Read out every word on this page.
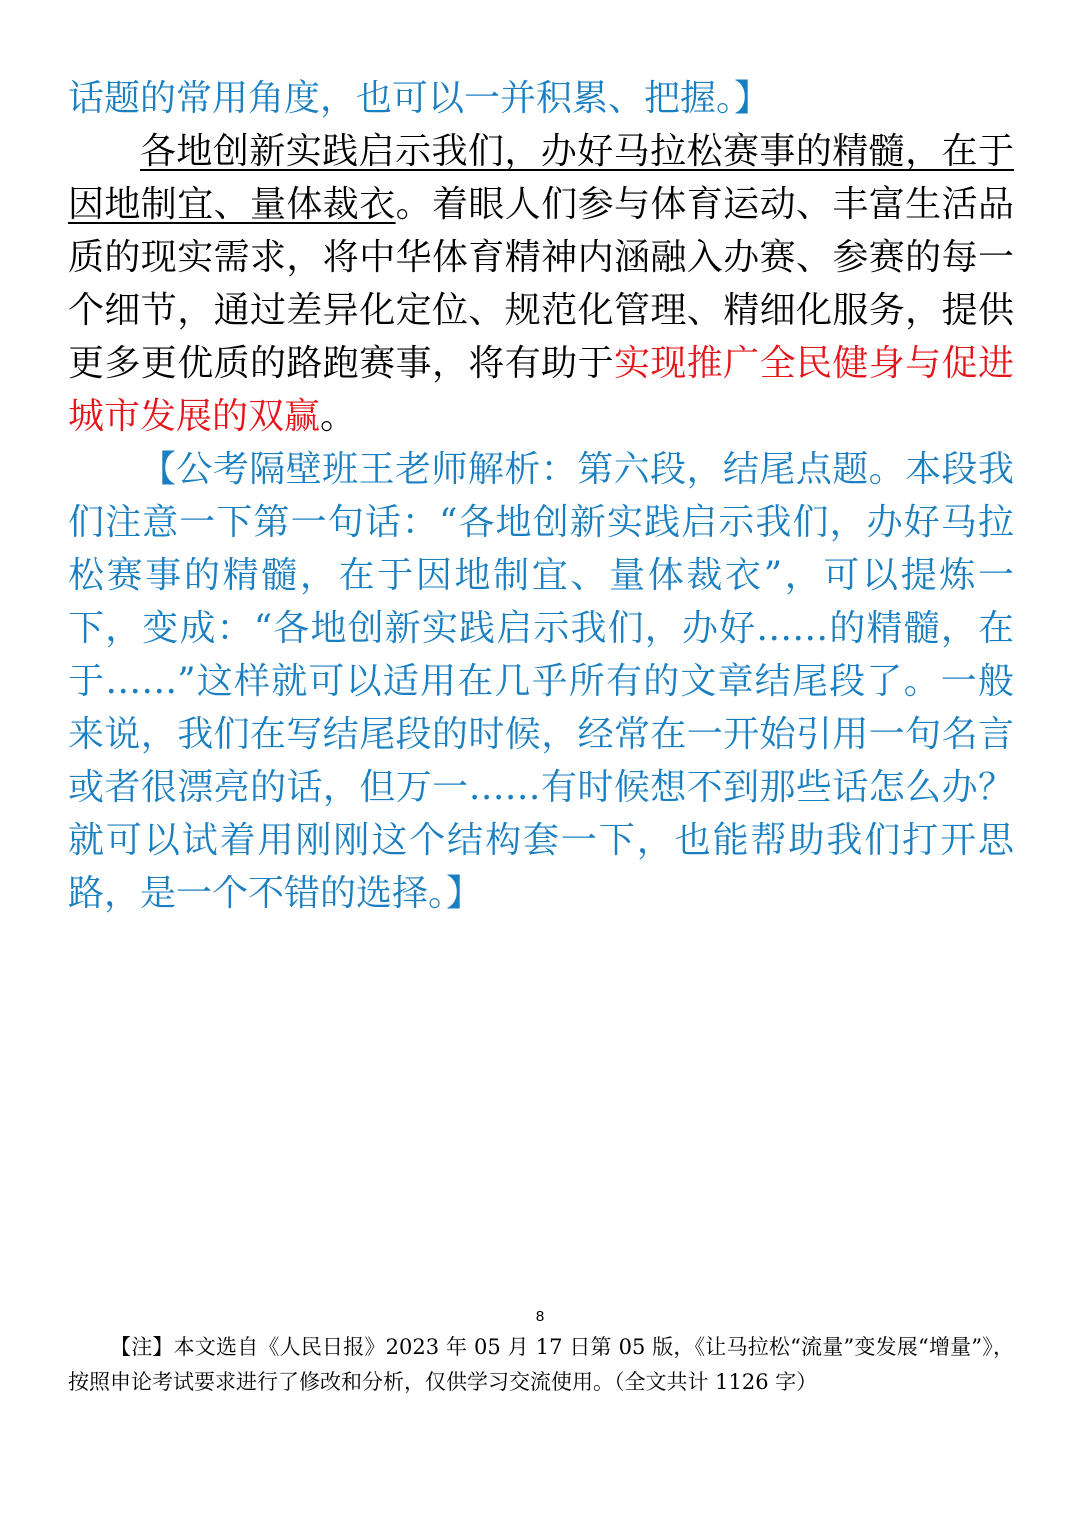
话题的常用角度，也可以一并积累、把握。】

各地创新实践启示我们，办好马拉松赛事的精髓，在于因地制宜、量体裁衣。着眼人们参与体育运动、丰富生活品质的现实需求，将中华体育精神内涵融入办赛、参赛的每一个细节，通过差异化定位、规范化管理、精细化服务，提供更多更优质的路跑赛事，将有助于实现推广全民健身与促进城市发展的双赢。

【公考隔壁班王老师解析：第六段，结尾点题。本段我们注意一下第一句话：“各地创新实践启示我们，办好马拉松赛事的精髓，在于因地制宜、量体裁衣”，可以提炼一下，变成：“各地创新实践启示我们，办好……的精髓，在于……”这样就可以适用在几乎所有的文章结尾段了。一般来说，我们在写结尾段的时候，经常在一开始引用一句名言或者很漂亮的话，但万一……有时候想不到那些话怎么办？就可以试着用刚刚这个结构套一下，也能帮助我们打开思路，是一个不错的选择。】

8
【注】本文选自《人民日报》2023 年 05 月 17 日第 05 版，《让马拉松“流量”变发展“增量”》，按照申论考试要求进行了修改和分析，仅供学习交流使用。（全文共计 1126 字）
